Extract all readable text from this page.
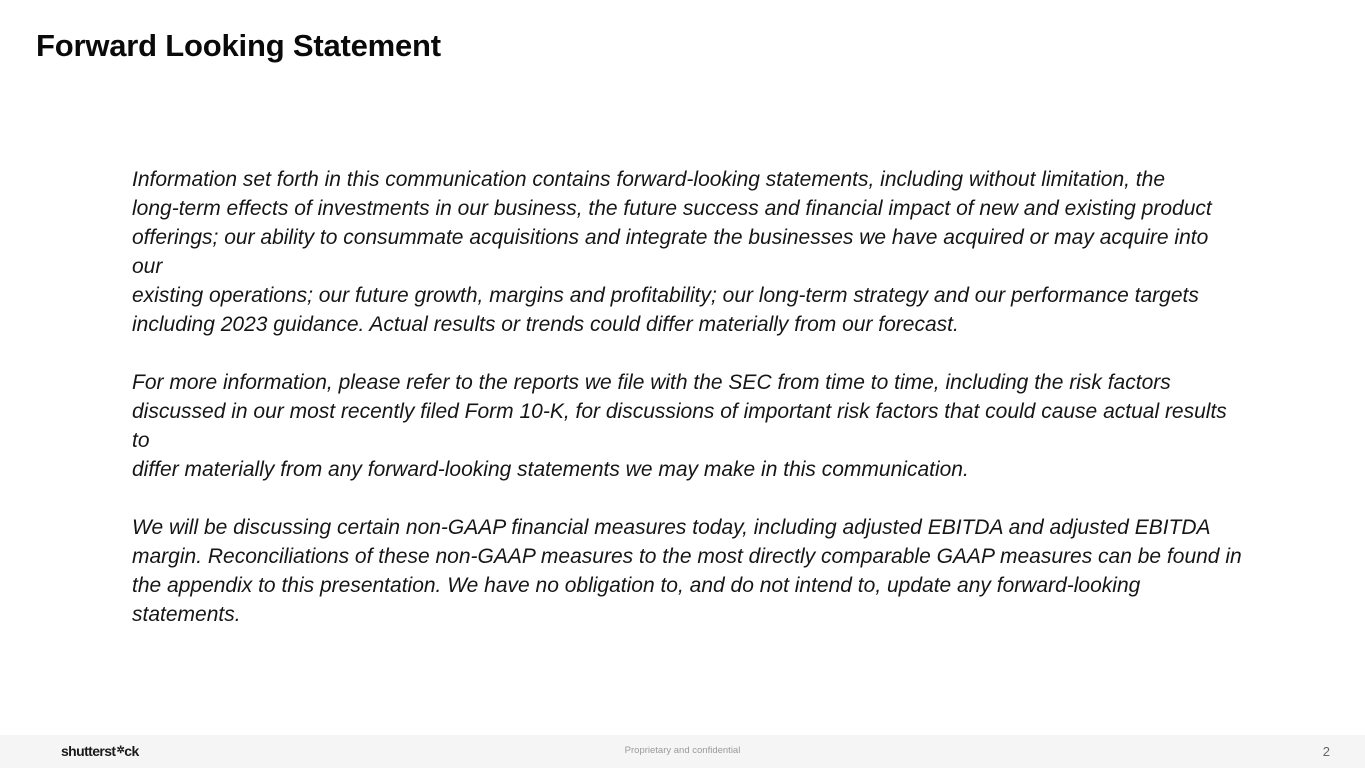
Forward Looking Statement

Information set forth in this communication contains forward-looking statements, including without limitation, the
long-term effects of investments in our business, the future success and financial impact of new and existing product
offerings; our ability to consummate acquisitions and integrate the businesses we have acquired or may acquire into our
existing operations; our future growth, margins and profitability; our long-term strategy and our performance targets
including 2023 guidance. Actual results or trends could differ materially from our forecast.

For more information, please refer to the reports we file with the SEC from time to time, including the risk factors
discussed in our most recently filed Form 10-K, for discussions of important risk factors that could cause actual results to
differ materially from any forward-looking statements we may make in this communication.

We will be discussing certain non-GAAP financial measures today, including adjusted EBITDA and adjusted EBITDA
margin. Reconciliations of these non-GAAP measures to the most directly comparable GAAP measures can be found in
the appendix to this presentation. We have no obligation to, and do not intend to, update any forward-looking statements.

shutterst ✲ ck	Proprietary and confidential	2
